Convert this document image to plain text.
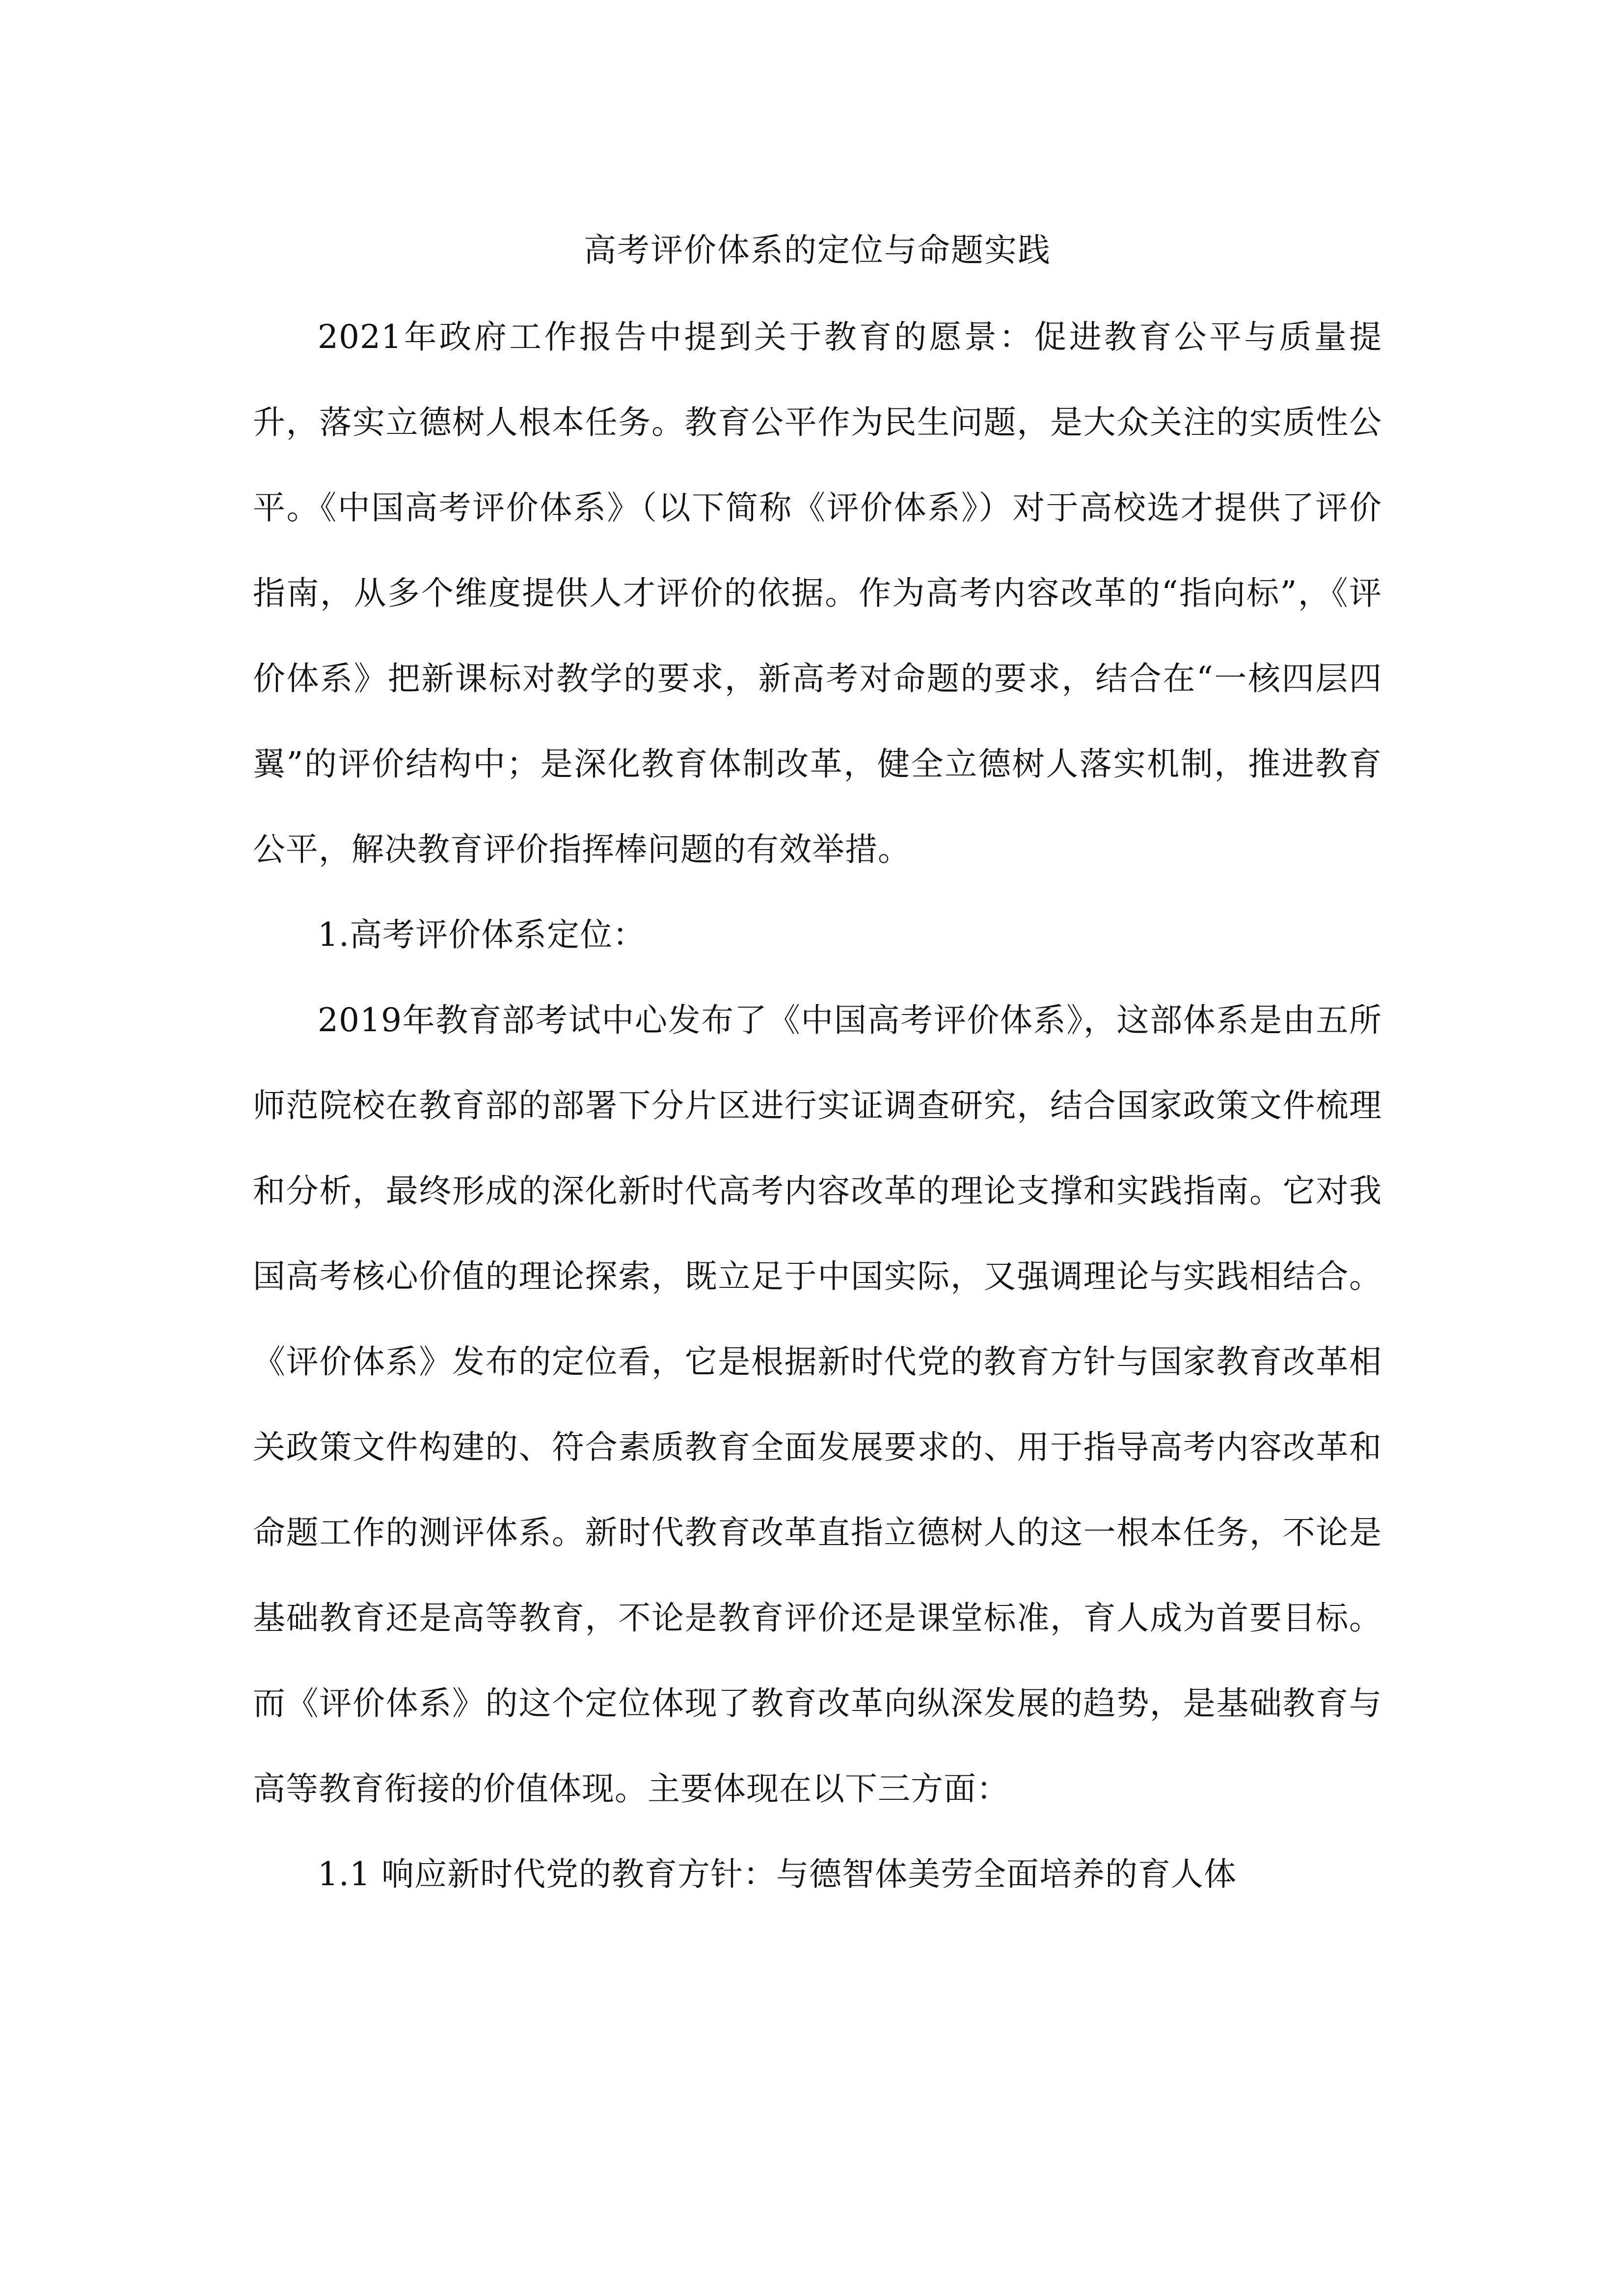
高考评价体系的定位与命题实践

2021年政府工作报告中提到关于教育的愿景：促进教育公平与质量提升，落实立德树人根本任务。教育公平作为民生问题，是大众关注的实质性公平。《中国高考评价体系》（以下简称《评价体系》）对于高校选才提供了评价指南，从多个维度提供人才评价的依据。作为高考内容改革的“指向标”，《评价体系》把新课标对教学的要求，新高考对命题的要求，结合在“一核四层四翼”的评价结构中；是深化教育体制改革，健全立德树人落实机制，推进教育公平，解决教育评价指挥棒问题的有效举措。

1.高考评价体系定位：

2019年教育部考试中心发布了《中国高考评价体系》，这部体系是由五所师范院校在教育部的部署下分片区进行实证调查研究，结合国家政策文件梳理和分析，最终形成的深化新时代高考内容改革的理论支撑和实践指南。它对我国高考核心价值的理论探索，既立足于中国实际，又强调理论与实践相结合。《评价体系》发布的定位看，它是根据新时代党的教育方针与国家教育改革相关政策文件构建的、符合素质教育全面发展要求的、用于指导高考内容改革和命题工作的测评体系。新时代教育改革直指立德树人的这一根本任务，不论是基础教育还是高等教育，不论是教育评价还是课堂标准，育人成为首要目标。而《评价体系》的这个定位体现了教育改革向纵深发展的趋势，是基础教育与高等教育衔接的价值体现。主要体现在以下三方面：

1.1 响应新时代党的教育方针：与德智体美劳全面培养的育人体
